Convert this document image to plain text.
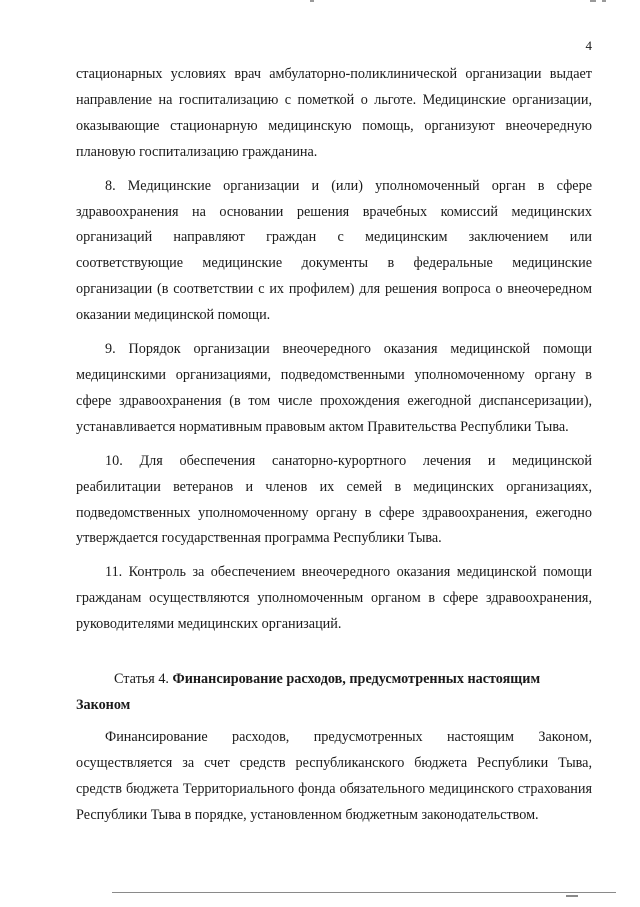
4

стационарных условиях врач амбулаторно-поликлинической организации выдает направление на госпитализацию с пометкой о льготе. Медицинские организации, оказывающие стационарную медицинскую помощь, организуют внеочередную плановую госпитализацию гражданина.

8. Медицинские организации и (или) уполномоченный орган в сфере здравоохранения на основании решения врачебных комиссий медицинских организаций направляют граждан с медицинским заключением или соответствующие медицинские документы в федеральные медицинские организации (в соответствии с их профилем) для решения вопроса о внеочередном оказании медицинской помощи.

9. Порядок организации внеочередного оказания медицинской помощи медицинскими организациями, подведомственными уполномоченному органу в сфере здравоохранения (в том числе прохождения ежегодной диспансеризации), устанавливается нормативным правовым актом Правительства Республики Тыва.

10. Для обеспечения санаторно-курортного лечения и медицинской реабилитации ветеранов и членов их семей в медицинских организациях, подведомственных уполномоченному органу в сфере здравоохранения, ежегодно утверждается государственная программа Республики Тыва.

11. Контроль за обеспечением внеочередного оказания медицинской помощи гражданам осуществляются уполномоченным органом в сфере здравоохранения, руководителями медицинских организаций.

Статья 4. Финансирование расходов, предусмотренных настоящим

Законом

Финансирование расходов, предусмотренных настоящим Законом, осуществляется за счет средств республиканского бюджета Республики Тыва, средств бюджета Территориального фонда обязательного медицинского страхования Республики Тыва в порядке, установленном бюджетным законодательством.
